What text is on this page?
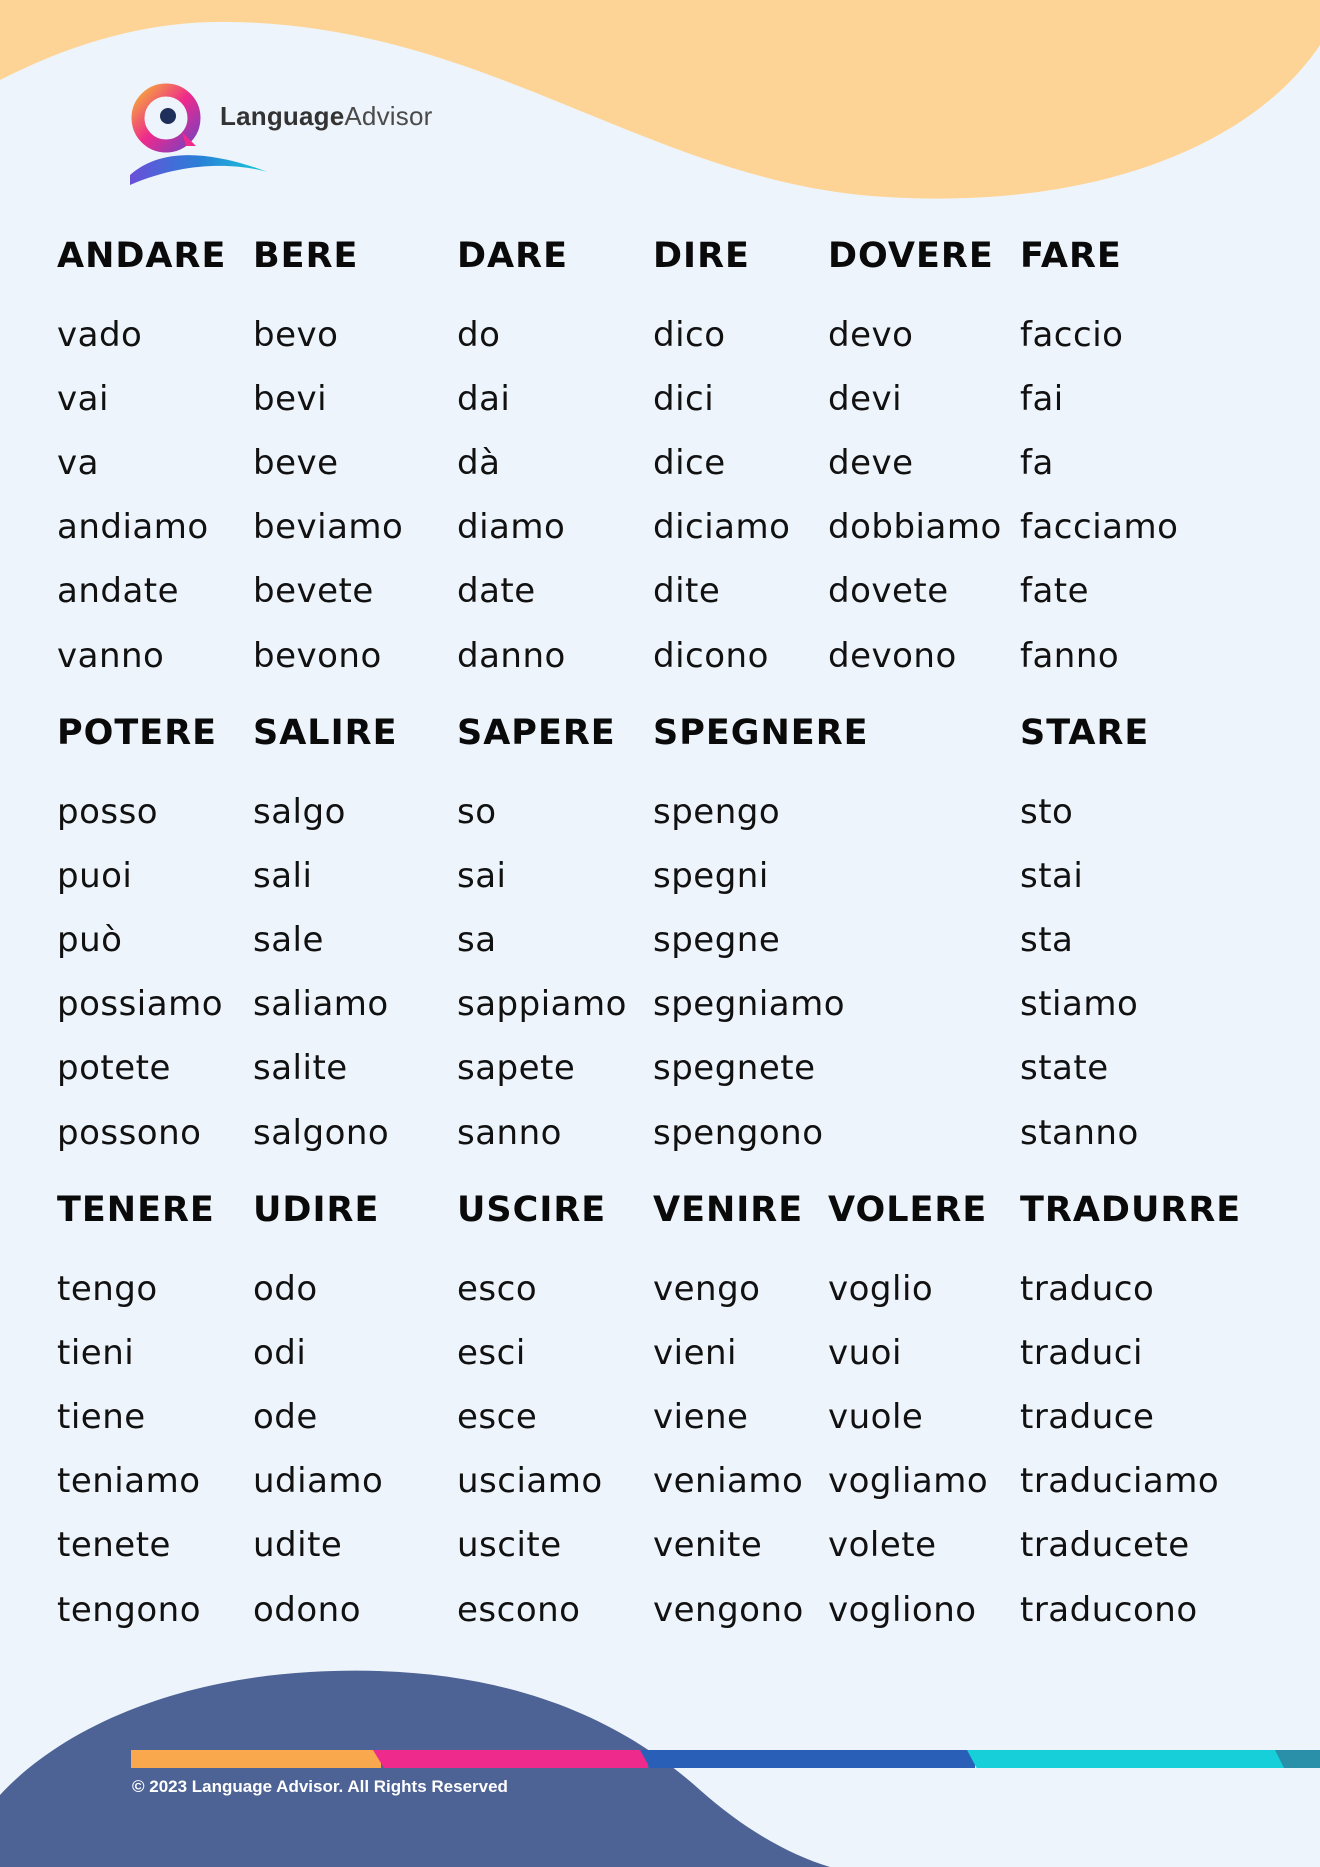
LanguageAdvisor
ANDARE
vado
vai
va
andiamo
andate
vanno
BERE
bevo
bevi
beve
beviamo
bevete
bevono
DARE
do
dai
dà
diamo
date
danno
DIRE
dico
dici
dice
diciamo
dite
dicono
DOVERE
devo
devi
deve
dobbiamo
dovete
devono
FARE
faccio
fai
fa
facciamo
fate
fanno
POTERE
posso
puoi
può
possiamo
potete
possono
SALIRE
salgo
sali
sale
saliamo
salite
salgono
SAPERE
so
sai
sa
sappiamo
sapete
sanno
SPEGNERE
spengo
spegni
spegne
spegniamo
spegnete
spengono
STARE
sto
stai
sta
stiamo
state
stanno
TENERE
tengo
tieni
tiene
teniamo
tenete
tengono
UDIRE
odo
odi
ode
udiamo
udite
odono
USCIRE
esco
esci
esce
usciamo
uscite
escono
VENIRE
vengo
vieni
viene
veniamo
venite
vengono
VOLERE
voglio
vuoi
vuole
vogliamo
volete
vogliono
TRADURRE
traduco
traduci
traduce
traduciamo
traducete
traducono
© 2023 Language Advisor. All Rights Reserved
